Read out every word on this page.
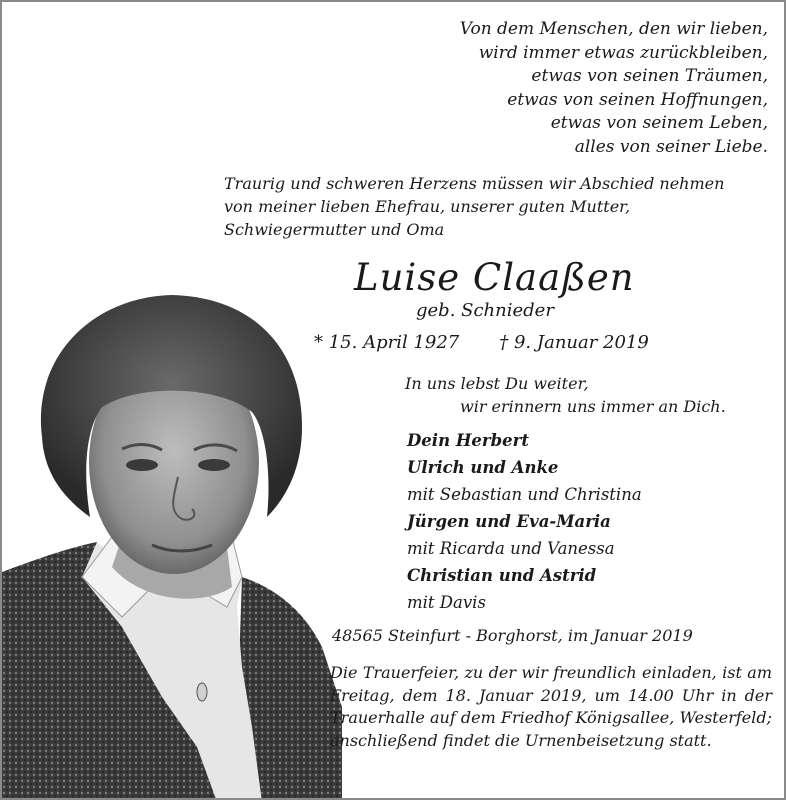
Von dem Menschen, den wir lieben,
wird immer etwas zurückbleiben,
etwas von seinen Träumen,
etwas von seinen Hoffnungen,
etwas von seinem Leben,
alles von seiner Liebe.
Traurig und schweren Herzens müssen wir Abschied nehmen
von meiner lieben Ehefrau, unserer guten Mutter,
Schwiegermutter und Oma
Luise Claaßen
geb. Schnieder
* 15. April 1927 † 9. Januar 2019
In uns lebst Du weiter,
wir erinnern uns immer an Dich.
Dein Herbert
Ulrich und Anke
mit Sebastian und Christina
Jürgen und Eva-Maria
mit Ricarda und Vanessa
Christian und Astrid
mit Davis
48565 Steinfurt - Borghorst, im Januar 2019
Die Trauerfeier, zu der wir freundlich einladen, ist am Freitag, dem 18. Januar 2019, um 14.00 Uhr in der Trauerhalle auf dem Friedhof Königsallee, Westerfeld; anschließend findet die Urnenbeisetzung statt.
